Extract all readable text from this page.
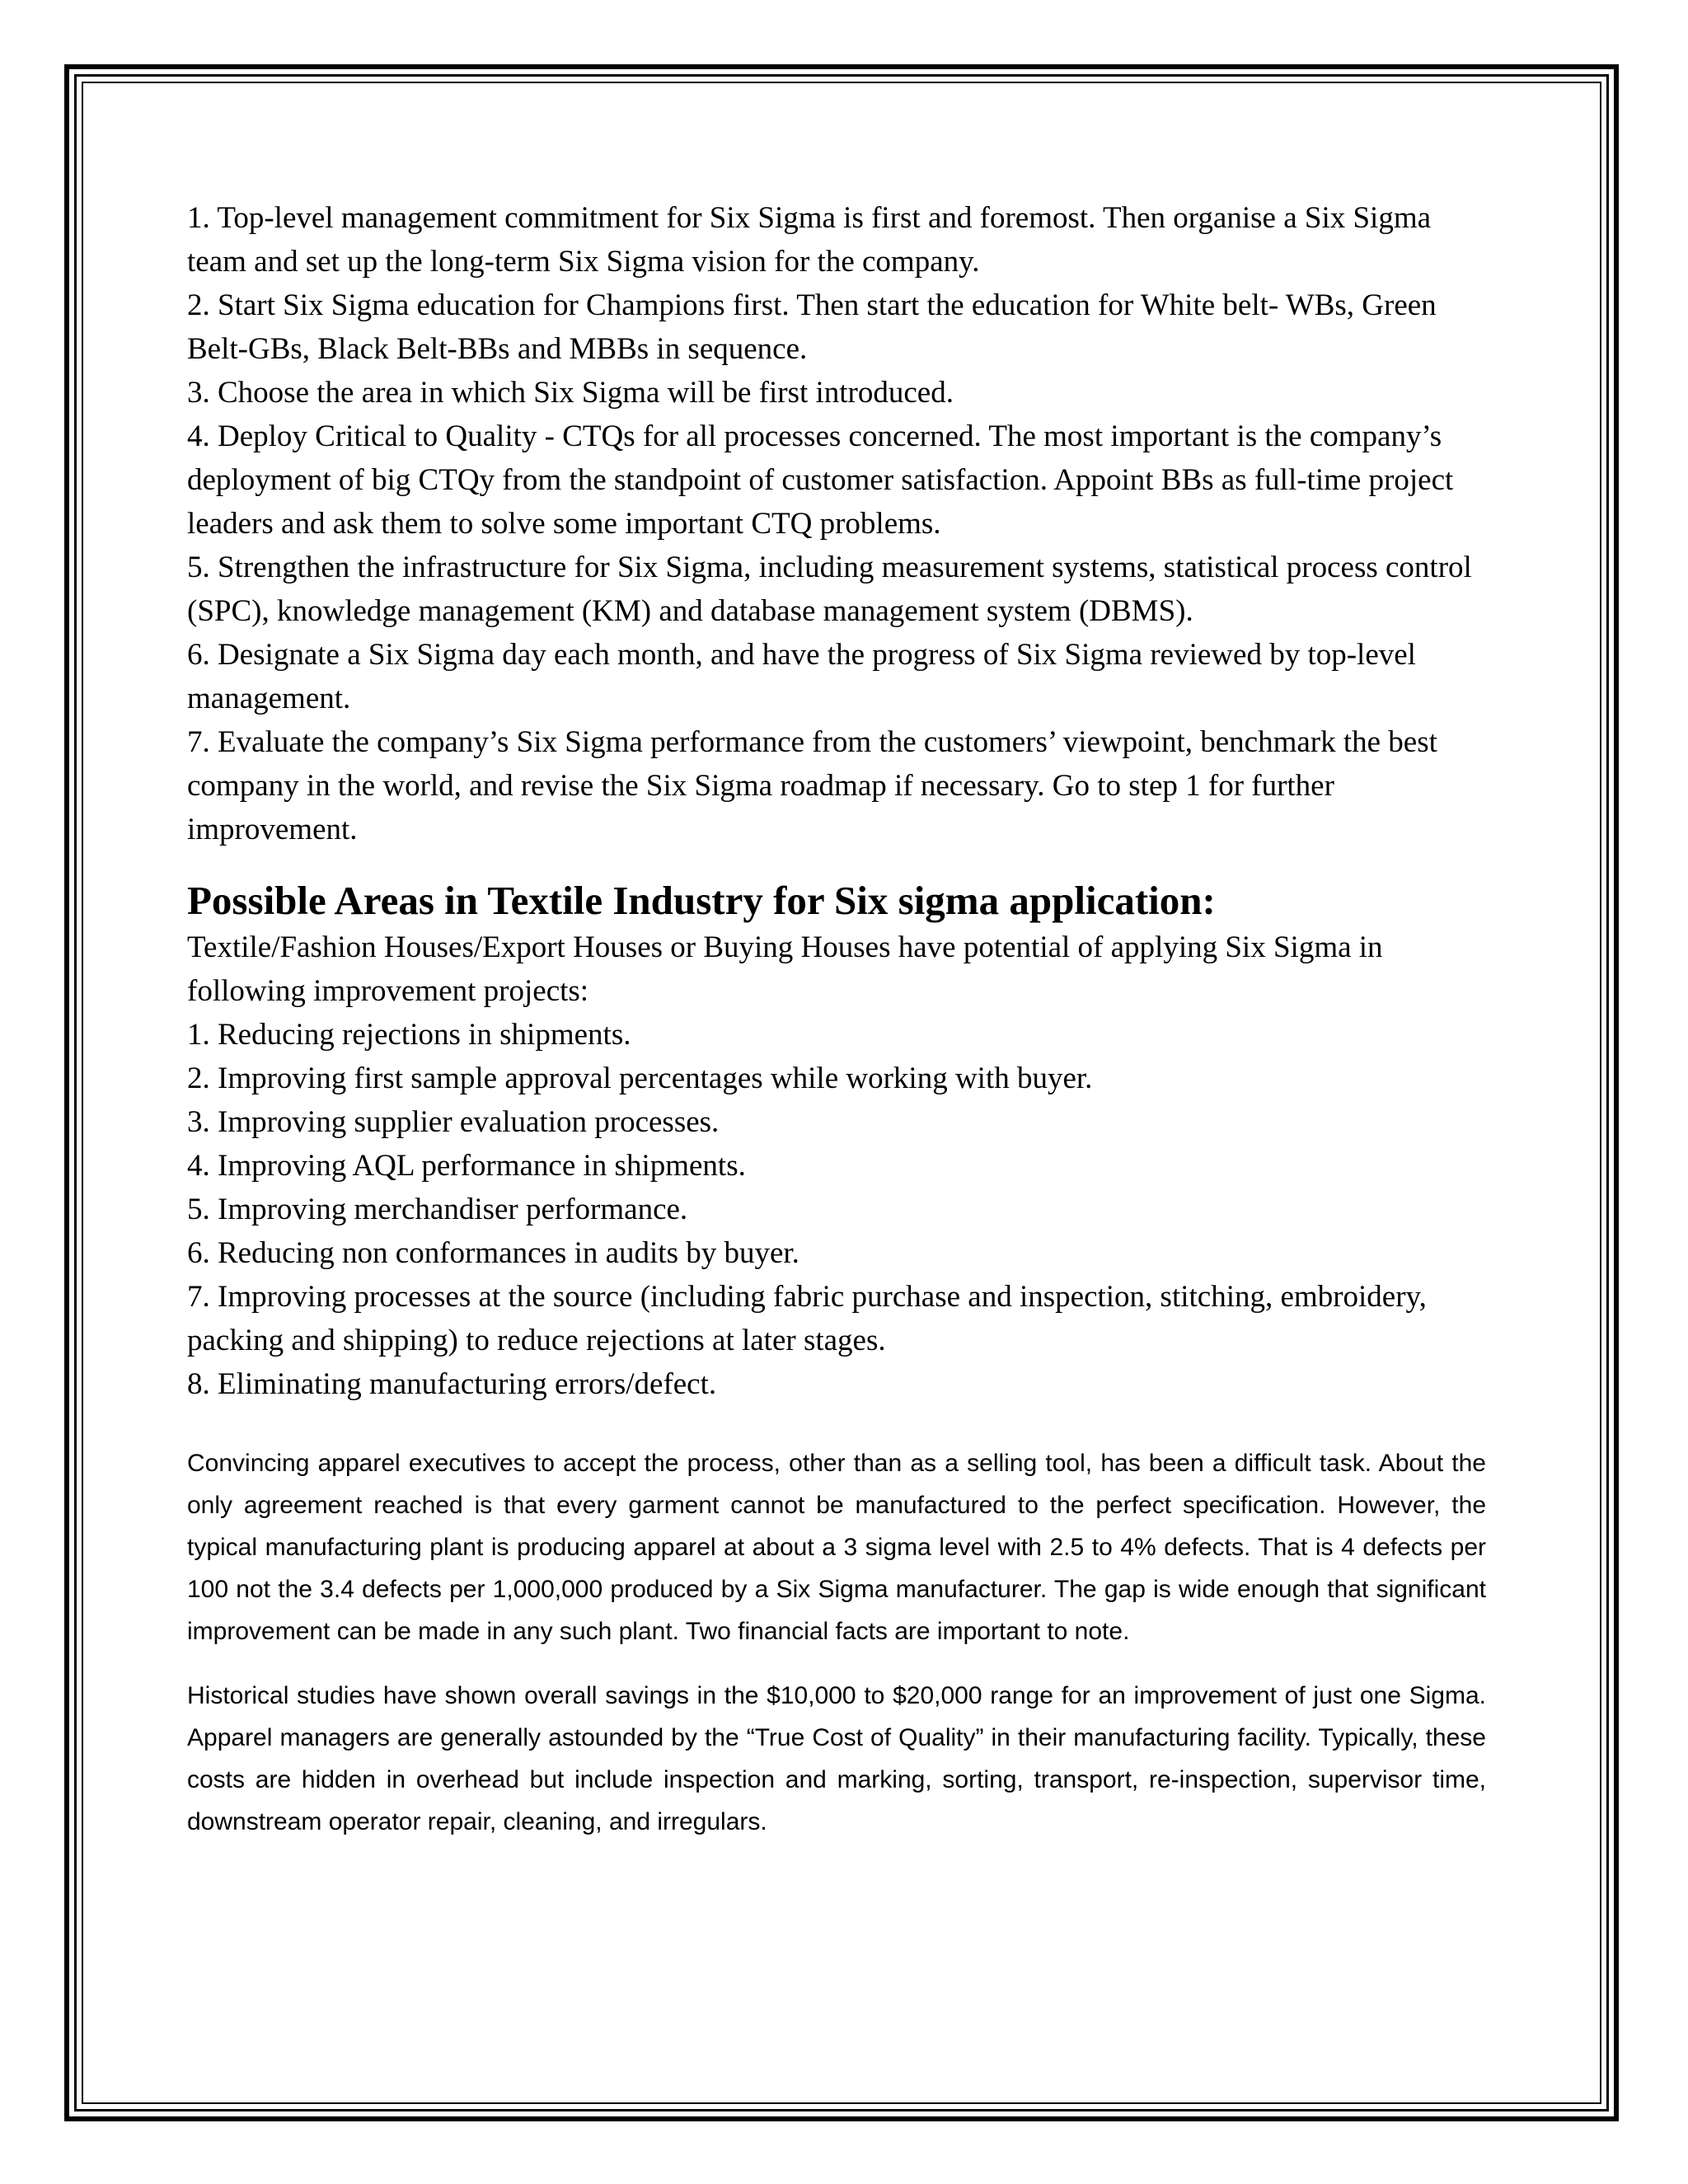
1. Top-level management commitment for Six Sigma is first and foremost. Then organise a Six Sigma team and set up the long-term Six Sigma vision for the company.
2. Start Six Sigma education for Champions first. Then start the education for White belt- WBs, Green Belt-GBs, Black Belt-BBs and MBBs in sequence.
3. Choose the area in which Six Sigma will be first introduced.
4. Deploy Critical to Quality - CTQs for all processes concerned. The most important is the company’s deployment of big CTQy from the standpoint of customer satisfaction. Appoint BBs as full-time project leaders and ask them to solve some important CTQ problems.
5. Strengthen the infrastructure for Six Sigma, including measurement systems, statistical process control (SPC), knowledge management (KM) and database management system (DBMS).
6. Designate a Six Sigma day each month, and have the progress of Six Sigma reviewed by top-level management.
7. Evaluate the company’s Six Sigma performance from the customers’ viewpoint, benchmark the best company in the world, and revise the Six Sigma roadmap if necessary. Go to step 1 for further improvement.
Possible Areas in Textile Industry for Six sigma application:

Textile/Fashion Houses/Export Houses or Buying Houses have potential of applying Six Sigma in following improvement projects:

1. Reducing rejections in shipments.
2. Improving first sample approval percentages while working with buyer.
3. Improving supplier evaluation processes.
4. Improving AQL performance in shipments.
5. Improving merchandiser performance.
6. Reducing non conformances in audits by buyer.
7. Improving processes at the source (including fabric purchase and inspection, stitching, embroidery, packing and shipping) to reduce rejections at later stages.
8. Eliminating manufacturing errors/defect.

Convincing apparel executives to accept the process, other than as a selling tool, has been a difficult task. About the only agreement reached is that every garment cannot be manufactured to the perfect specification. However, the typical manufacturing plant is producing apparel at about a 3 sigma level with 2.5 to 4% defects. That is 4 defects per 100 not the 3.4 defects per 1,000,000 produced by a Six Sigma manufacturer. The gap is wide enough that significant improvement can be made in any such plant. Two financial facts are important to note.

Historical studies have shown overall savings in the $10,000 to $20,000 range for an improvement of just one Sigma. Apparel managers are generally astounded by the “True Cost of Quality” in their manufacturing facility. Typically, these costs are hidden in overhead but include inspection and marking, sorting, transport, re-inspection, supervisor time, downstream operator repair, cleaning, and irregulars.
